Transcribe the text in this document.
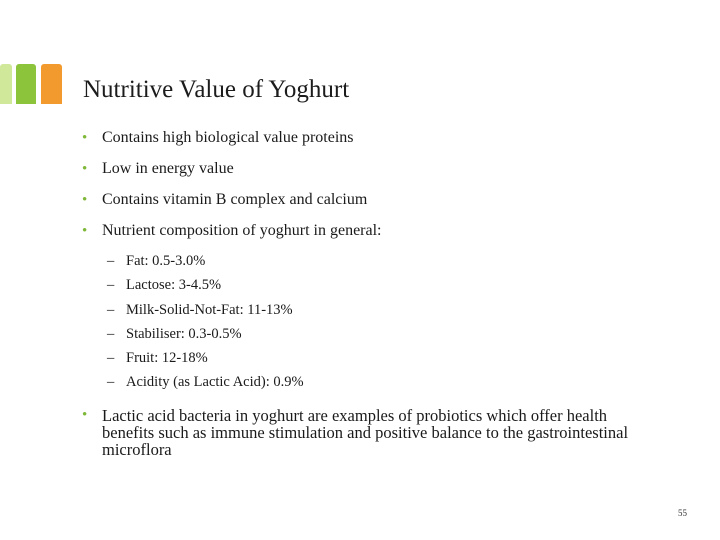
Nutritive Value of Yoghurt
• Contains high biological value proteins
• Low in energy value
• Contains vitamin B complex and calcium
• Nutrient composition of yoghurt in general:
– Fat: 0.5-3.0%
– Lactose: 3-4.5%
– Milk-Solid-Not-Fat: 11-13%
– Stabiliser: 0.3-0.5%
– Fruit: 12-18%
– Acidity (as Lactic Acid): 0.9%
• Lactic acid bacteria in yoghurt are examples of probiotics which offer health benefits such as immune stimulation and positive balance to the gastrointestinal microflora
55
